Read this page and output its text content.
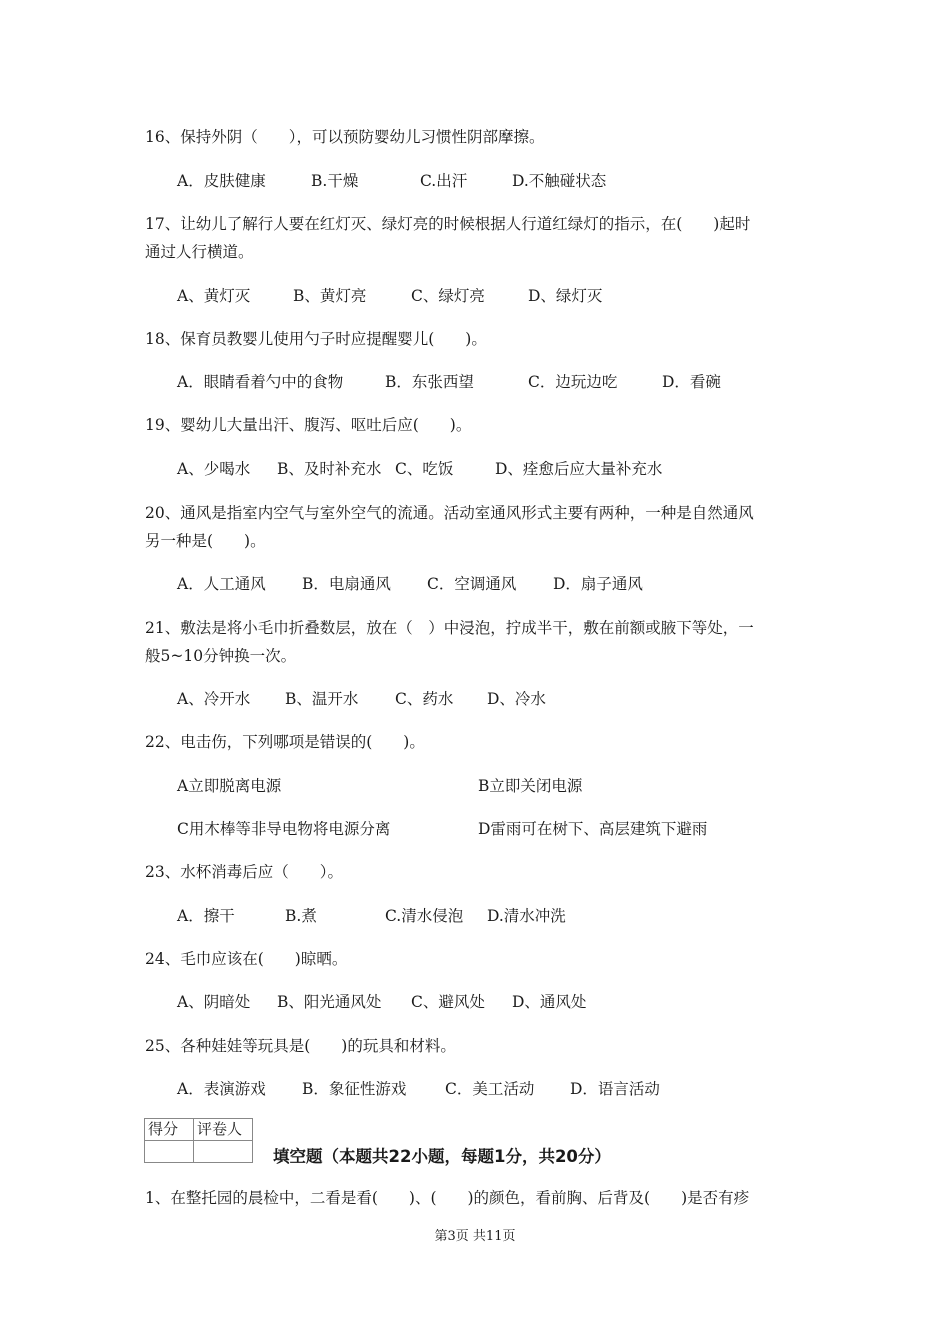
16、保持外阴（　　），可以预防婴幼儿习惯性阴部摩擦。
A．皮肤健康	B.干燥	C.出汗	D.不触碰状态
17、让幼儿了解行人要在红灯灭、绿灯亮的时候根据人行道红绿灯的指示，在(　　)起时
通过人行横道。
A、黄灯灭	B、黄灯亮	C、绿灯亮	D、绿灯灭
18、保育员教婴儿使用勺子时应提醒婴儿(　　)。
A．眼睛看着勺中的食物	B．东张西望	C．边玩边吃	D．看碗
19、婴幼儿大量出汗、腹泻、呕吐后应(　　)。
A、少喝水 B、及时补充水 C、吃饭	D、痊愈后应大量补充水
20、通风是指室内空气与室外空气的流通。活动室通风形式主要有两种，一种是自然通风
另一种是(　　)。
A．人工通风 B．电扇通风 C．空调通风 D．扇子通风
21、敷法是将小毛巾折叠数层，放在（　）中浸泡，拧成半干，敷在前额或腋下等处，一
般5~10分钟换一次。
A、冷开水 B、温开水 C、药水 D、冷水
22、电击伤，下列哪项是错误的(　　)。
A立即脱离电源	B立即关闭电源
C用木棒等非导电物将电源分离	D雷雨可在树下、高层建筑下避雨
23、水杯消毒后应（　　）。
A．擦干	B.煮	C.清水侵泡 D.清水冲洗
24、毛巾应该在(　　)晾晒。
A、阴暗处 B、阳光通风处 C、避风处 D、通风处
25、各种娃娃等玩具是(　　)的玩具和材料。
A．表演游戏 B．象征性游戏 C．美工活动 D．语言活动
得分	评卷人

填空题（本题共22小题，每题1分，共20分）
1、在整托园的晨检中，二看是看(　　)、(　　)的颜色，看前胸、后背及(　　)是否有疹
第3页 共11页
